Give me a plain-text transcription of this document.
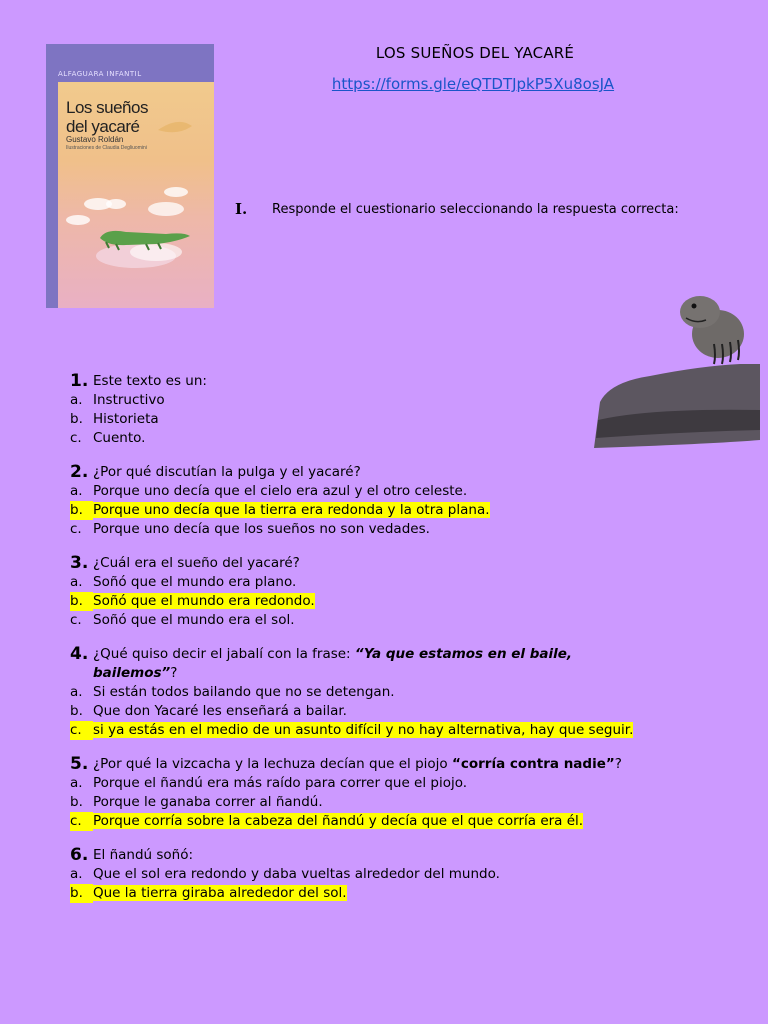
ALFAGUARA INFANTIL
Los sueños
del yacaré
Gustavo Roldán
Ilustraciones de Claudia Degliuomini
LOS SUEÑOS DEL YACARÉ
https://forms.gle/eQTDTJpkP5Xu8osJA
I. Responde el cuestionario seleccionando la respuesta correcta:
1. Este texto es un:
a. Instructivo
b. Historieta
c. Cuento.
2. ¿Por qué discutían la pulga y el yacaré?
a. Porque uno decía que el cielo era azul y el otro celeste.
b. Porque uno decía que la tierra era redonda y la otra plana.
c. Porque uno decía que los sueños no son vedades.
3. ¿Cuál era el sueño del yacaré?
a. Soñó que el mundo era plano.
b. Soñó que el mundo era redondo.
c. Soñó que el mundo era el sol.
4. ¿Qué quiso decir el jabalí con la frase: “Ya que estamos en el baile,
bailemos”?
a. Si están todos bailando que no se detengan.
b. Que don Yacaré les enseñará a bailar.
c. si ya estás en el medio de un asunto difícil y no hay alternativa, hay que seguir.
5. ¿Por qué la vizcacha y la lechuza decían que el piojo “corría contra nadie”?
a. Porque el ñandú era más raído para correr que el piojo.
b. Porque le ganaba correr al ñandú.
c. Porque corría sobre la cabeza del ñandú y decía que el que corría era él.
6. El ñandú soñó:
a. Que el sol era redondo y daba vueltas alrededor del mundo.
b. Que la tierra giraba alrededor del sol.
